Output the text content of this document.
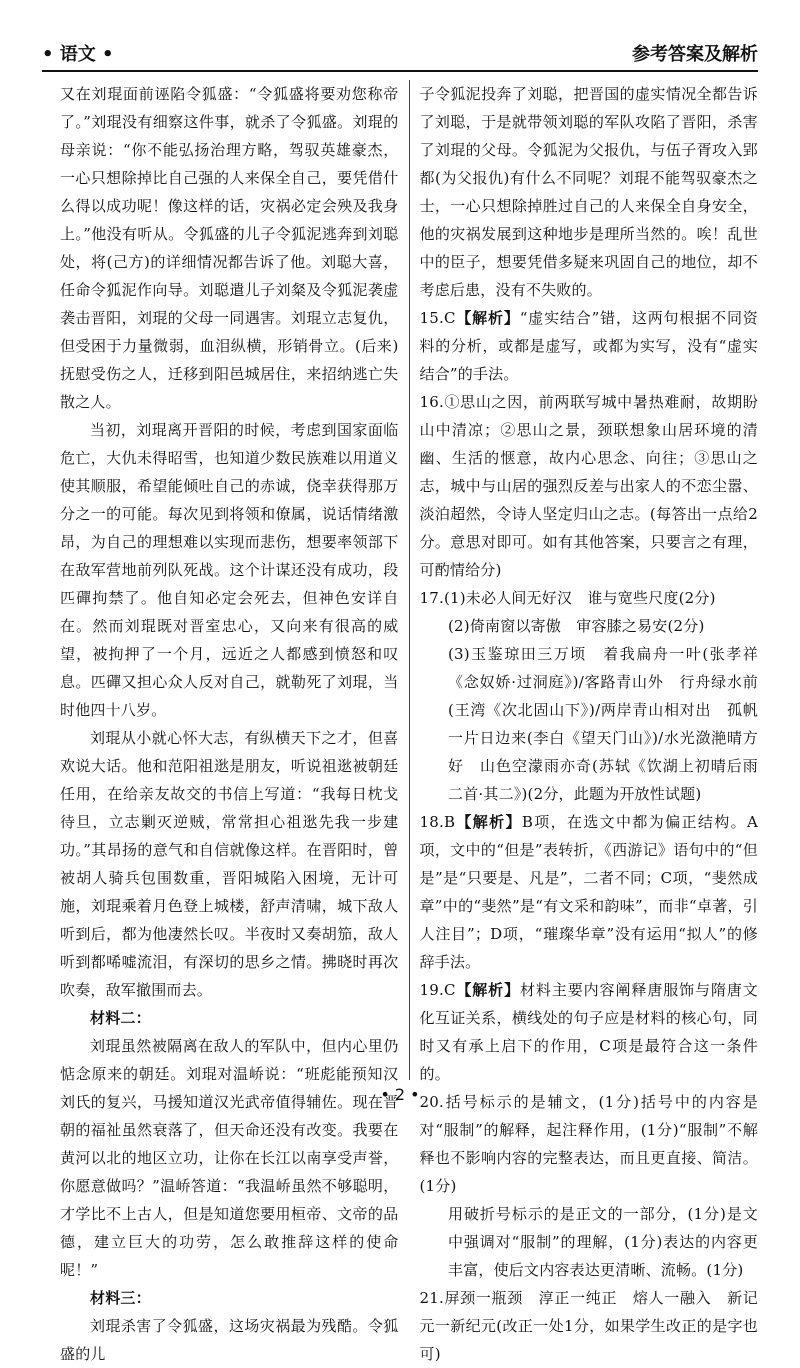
• 语文 •	参考答案及解析

又在刘琨面前诬陷令狐盛：“令狐盛将要劝您称帝了。”刘琨没有细察这件事，就杀了令狐盛。刘琨的母亲说：“你不能弘扬治理方略，驾驭英雄豪杰，一心只想除掉比自己强的人来保全自己，要凭借什么得以成功呢！像这样的话，灾祸必定会殃及我身上。”他没有听从。令狐盛的儿子令狐泥逃奔到刘聪处，将(己方)的详细情况都告诉了他。刘聪大喜，任命令狐泥作向导。刘聪遣儿子刘粲及令狐泥袭虚袭击晋阳，刘琨的父母一同遇害。刘琨立志复仇，但受困于力量微弱，血泪纵横，形销骨立。(后来)抚慰受伤之人，迁移到阳邑城居住，来招纳逃亡失散之人。

当初，刘琨离开晋阳的时候，考虑到国家面临危亡，大仇未得昭雪，也知道少数民族难以用道义使其顺服，希望能倾吐自己的赤诚，侥幸获得那万分之一的可能。每次见到将领和僚属，说话情绪激昂，为自己的理想难以实现而悲伤，想要率领部下在敌军营地前列队死战。这个计谋还没有成功，段匹磾拘禁了。他自知必定会死去，但神色安详自在。然而刘琨既对晋室忠心，又向来有很高的威望，被拘押了一个月，远近之人都感到愤怒和叹息。匹磾又担心众人反对自己，就勒死了刘琨，当时他四十八岁。

刘琨从小就心怀大志，有纵横天下之才，但喜欢说大话。他和范阳祖逖是朋友，听说祖逖被朝廷任用，在给亲友故交的书信上写道：“我每日枕戈待旦，立志剿灭逆贼，常常担心祖逖先我一步建功。”其昂扬的意气和自信就像这样。在晋阳时，曾被胡人骑兵包围数重，晋阳城陷入困境，无计可施，刘琨乘着月色登上城楼，舒声清啸，城下敌人听到后，都为他凄然长叹。半夜时又奏胡笳，敌人听到都唏嘘流泪，有深切的思乡之情。拂晓时再次吹奏，敌军撤围而去。

材料二：

刘琨虽然被隔离在敌人的军队中，但内心里仍惦念原来的朝廷。刘琨对温峤说：“班彪能预知汉刘氏的复兴，马援知道汉光武帝值得辅佐。现在晋朝的福祉虽然衰落了，但天命还没有改变。我要在黄河以北的地区立功，让你在长江以南享受声誉，你愿意做吗？”温峤答道：“我温峤虽然不够聪明，才学比不上古人，但是知道您要用桓帝、文帝的品德，建立巨大的功劳，怎么敢推辞这样的使命呢！”

材料三：

刘琨杀害了令狐盛，这场灾祸最为残酷。令狐盛的儿

子令狐泥投奔了刘聪，把晋国的虚实情况全都告诉了刘聪，于是就带领刘聪的军队攻陷了晋阳，杀害了刘琨的父母。令狐泥为父报仇，与伍子胥攻入郢都(为父报仇)有什么不同呢？刘琨不能驾驭豪杰之士，一心只想除掉胜过自己的人来保全自身安全，他的灾祸发展到这种地步是理所当然的。唉！乱世中的臣子，想要凭借多疑来巩固自己的地位，却不考虑后患，没有不失败的。

15.C【解析】“虚实结合”错，这两句根据不同资料的分析，或都是虚写，或都为实写，没有“虚实结合”的手法。

16.①思山之因，前两联写城中暑热难耐，故期盼山中清凉；②思山之景，颈联想象山居环境的清幽、生活的惬意，故内心思念、向往；③思山之志，城中与山居的强烈反差与出家人的不恋尘嚣、淡泊超然，令诗人坚定归山之志。(每答出一点给2分。意思对即可。如有其他答案，只要言之有理，可酌情给分)

17.(1)未必人间无好汉　谁与宽些尺度(2分)

(2)倚南窗以寄傲　审容膝之易安(2分)

(3)玉鉴琼田三万顷　着我扁舟一叶(张孝祥《念奴娇·过洞庭》)/客路青山外　行舟绿水前(王湾《次北固山下》)/两岸青山相对出　孤帆一片日边来(李白《望天门山》)/水光潋滟晴方好　山色空濛雨亦奇(苏轼《饮湖上初晴后雨二首·其二》)(2分，此题为开放性试题)

18.B【解析】B项，在选文中都为偏正结构。A项，文中的“但是”表转折，《西游记》语句中的“但是”是“只要是、凡是”，二者不同；C项，“斐然成章”中的“斐然”是“有文采和韵味”，而非“卓著，引人注目”；D项，“璀璨华章”没有运用“拟人”的修辞手法。

19.C【解析】材料主要内容阐释唐服饰与隋唐文化互证关系，横线处的句子应是材料的核心句，同时又有承上启下的作用，C项是最符合这一条件的。

20.括号标示的是辅文，(1分)括号中的内容是对“服制”的解释，起注释作用，(1分)“服制”不解释也不影响内容的完整表达，而且更直接、简洁。(1分)

用破折号标示的是正文的一部分，(1分)是文中强调对“服制”的理解，(1分)表达的内容更丰富，使后文内容表达更清晰、流畅。(1分)

21.屏颈一瓶颈　淳正一纯正　熔人一融入　新记元一新纪元(改正一处1分，如果学生改正的是字也可)

• 2 •
